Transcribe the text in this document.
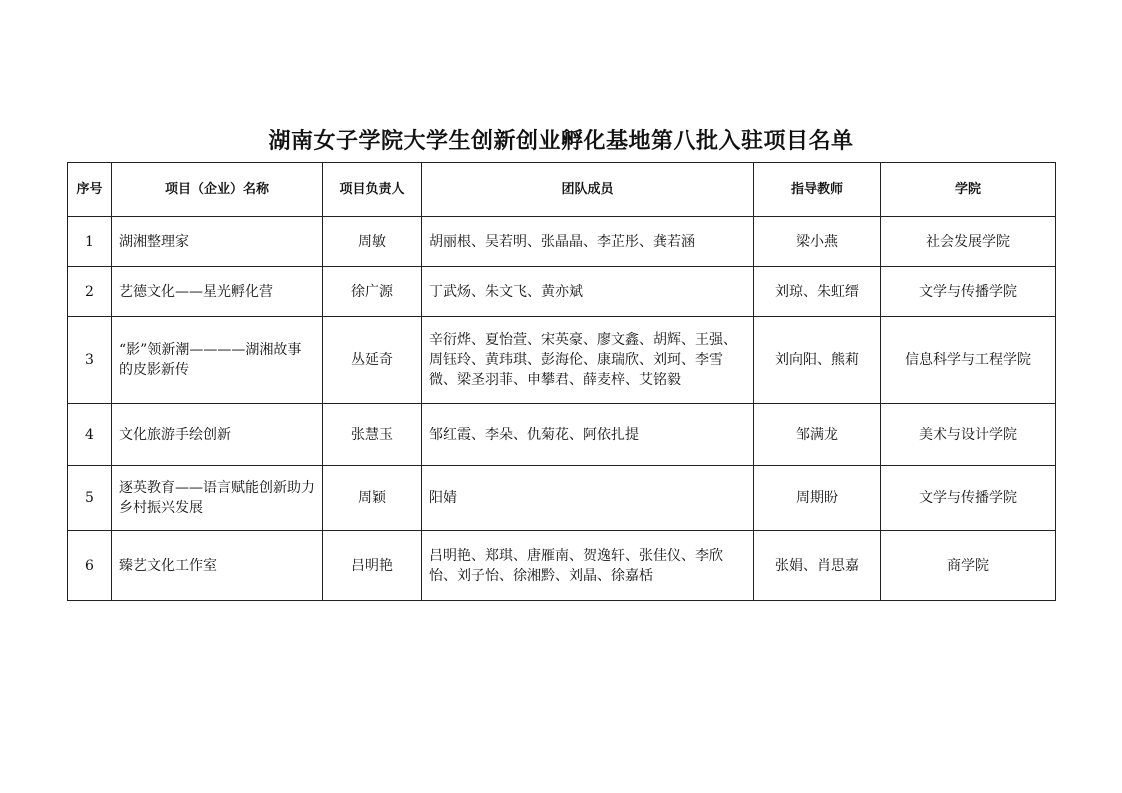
湖南女子学院大学生创新创业孵化基地第八批入驻项目名单
序号	项目（企业）名称	项目负责人	团队成员	指导教师	学院
1	湖湘整理家	周敏	胡丽根、吴若明、张晶晶、李芷彤、龚若涵	梁小燕	社会发展学院
2	艺德文化——星光孵化营	徐广源	丁武炀、朱文飞、黄亦斌	刘琼、朱虹缙	文学与传播学院
3	“影”领新潮————湖湘故事的皮影新传	丛延奇	辛衍烨、夏怡萱、宋英豪、廖文鑫、胡辉、王强、周钰玲、黄玮琪、彭海伦、康瑞欣、刘珂、李雪微、梁圣羽菲、申攀君、薛麦梓、艾铭毅	刘向阳、熊莉	信息科学与工程学院
4	文化旅游手绘创新	张慧玉	邹红霞、李朵、仇菊花、阿依扎提	邹满龙	美术与设计学院
5	逐英教育——语言赋能创新助力乡村振兴发展	周颖	阳婧	周期盼	文学与传播学院
6	臻艺文化工作室	吕明艳	吕明艳、郑琪、唐雁南、贺逸轩、张佳仪、李欣怡、刘子怡、徐湘黔、刘晶、徐嘉栝	张娟、肖思嘉	商学院
